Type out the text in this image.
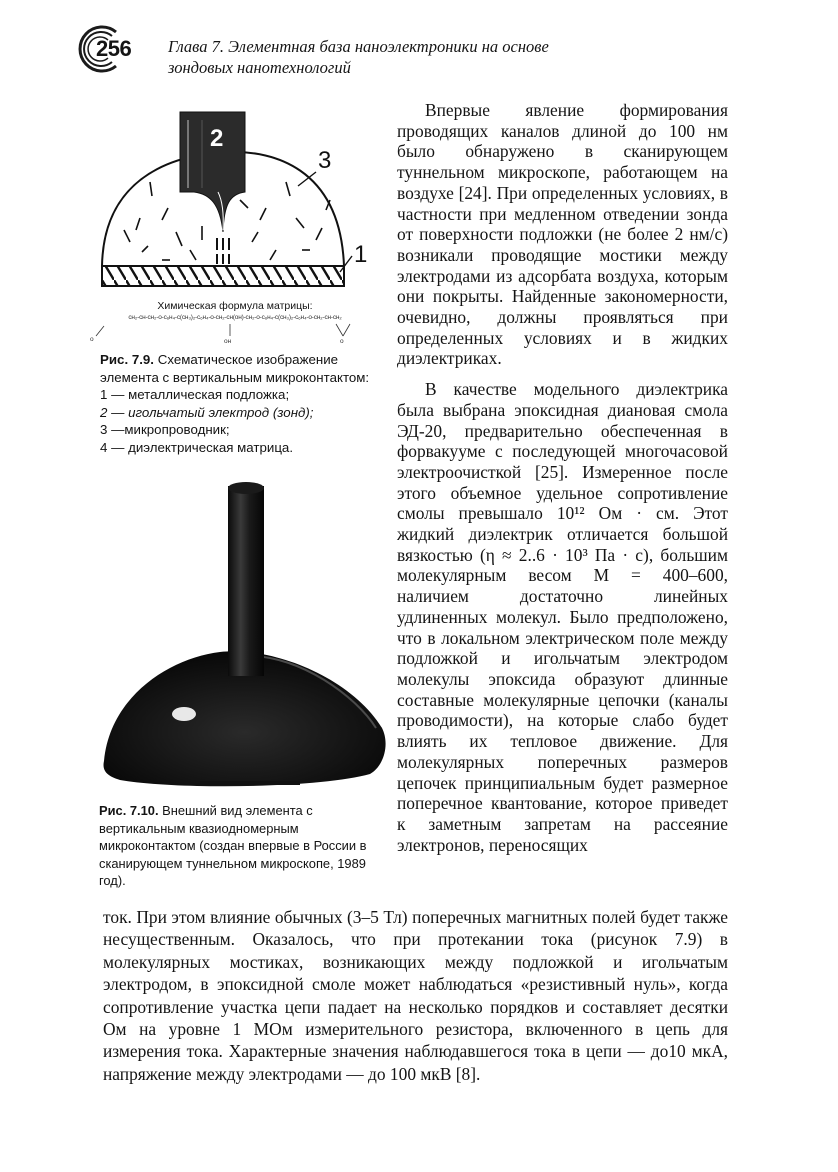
256 Глава 7. Элементная база наноэлектроники на основе зондовых нанотехнологий
2
3
1
Химическая формула матрицы:
сн₂-сн-сн₂-о-с₆н₄-с(сн₃)₂-с₆н₄-о-сн₂-сн(он)-сн₂-о-с₆н₄-с(сн₃)₂-с₆н₄-о-сн₂-сн-сн₂
о	он	о
Рис. 7.9. Схематическое изображение элемента с вертикальным микроконтактом:
1 — металлическая подложка;
2 — игольчатый электрод (зонд);
3 —микропроводник;
4 — диэлектрическая матрица.
Рис. 7.10. Внешний вид элемента с вертикальным квазиодномерным микроконтактом (создан впервые в России в сканирующем туннельном микроскопе, 1989 год).

Впервые явление формирования проводящих каналов длиной до 100 нм было обнаружено в сканирующем туннельном микроскопе, работающем на воздухе [24]. При определенных условиях, в частности при медленном отведении зонда от поверхности подложки (не более 2 нм/с) возникали проводящие мостики между электродами из адсорбата воздуха, которым они покрыты. Найденные закономерности, очевидно, должны проявляться при определенных условиях и в жидких диэлектриках.

В качестве модельного диэлектрика была выбрана эпоксидная диановая смола ЭД-20, предварительно обеспеченная в форвакууме с последующей многочасовой электроочисткой [25]. Измеренное после этого объемное удельное сопротивление смолы превышало 10¹² Ом · см. Этот жидкий диэлектрик отличается большой вязкостью (η ≈ 2..6 · 10³ Па · с), большим молекулярным весом M = 400–600, наличием достаточно линейных удлиненных молекул. Было предположено, что в локальном электрическом поле между подложкой и игольчатым электродом молекулы эпоксида образуют длинные составные молекулярные цепочки (каналы проводимости), на которые слабо будет влиять их тепловое движение. Для молекулярных поперечных размеров цепочек принципиальным будет размерное поперечное квантование, которое приведет к заметным запретам на рассеяние электронов, переносящих

ток. При этом влияние обычных (3–5 Тл) поперечных магнитных полей будет также несущественным. Оказалось, что при протекании тока (рисунок 7.9) в молекулярных мостиках, возникающих между подложкой и игольчатым электродом, в эпоксидной смоле может наблюдаться «резистивный нуль», когда сопротивление участка цепи падает на несколько порядков и составляет десятки Ом на уровне 1 МОм измерительного резистора, включенного в цепь для измерения тока. Характерные значения наблюдавшегося тока в цепи — до10 мкА, напряжение между электродами — до 100 мкВ [8].
